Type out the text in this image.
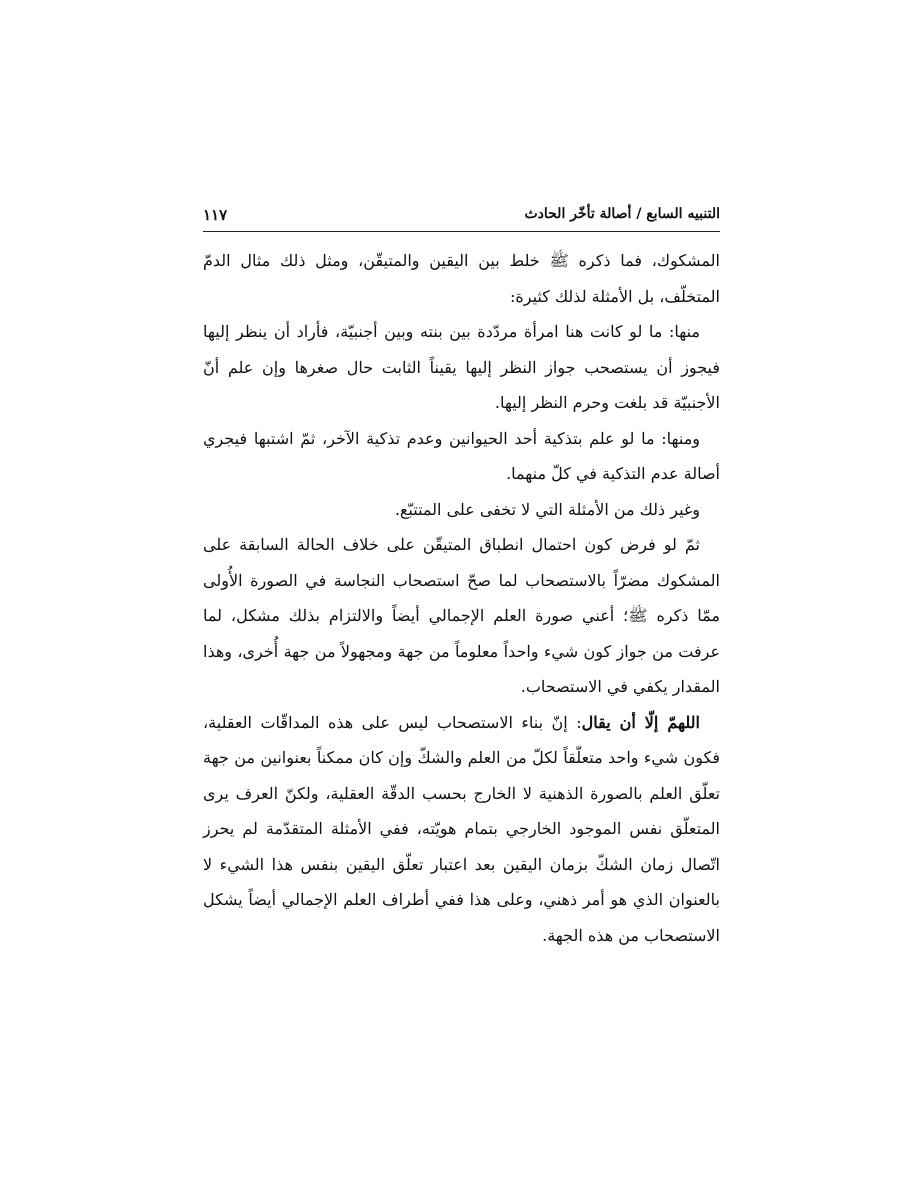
التنبيه السابع / أصالة تأخّر الحادث
١١٧

المشكوك، فما ذكره ﷺ خلط بين اليقين والمتيقّن، ومثل ذلك مثال الدمّ المتخلّف، بل الأمثلة لذلك كثيرة:

منها: ما لو كانت هنا امرأة مردّدة بين بنته وبين أجنبيّة، فأراد أن ينظر إليها فيجوز أن يستصحب جواز النظر إليها يقيناً الثابت حال صغرها وإن علم أنّ الأجنبيّة قد بلغت وحرم النظر إليها.

ومنها: ما لو علم بتذكية أحد الحيوانين وعدم تذكية الآخر، ثمّ اشتبها فيجري أصالة عدم التذكية في كلّ منهما.

وغير ذلك من الأمثلة التي لا تخفى على المتتبّع.

ثمّ لو فرض كون احتمال انطباق المتيقّن على خلاف الحالة السابقة على المشكوك مضرّاً بالاستصحاب لما صحّ استصحاب النجاسة في الصورة الأُولى ممّا ذكره ﷺ؛ أعني صورة العلم الإجمالي أيضاً والالتزام بذلك مشكل، لما عرفت من جواز كون شيء واحداً معلوماً من جهة ومجهولاً من جهة أُخرى، وهذا المقدار يكفي في الاستصحاب.

اللهمّ إلّا أن يقال: إنّ بناء الاستصحاب ليس على هذه المداقّات العقلية، فكون شيء واحد متعلّقاً لكلّ من العلم والشكّ وإن كان ممكناً بعنوانين من جهة تعلّق العلم بالصورة الذهنية لا الخارج بحسب الدقّة العقلية، ولكنّ العرف يرى المتعلّق نفس الموجود الخارجي بتمام هويّته، ففي الأمثلة المتقدّمة لم يحرز اتّصال زمان الشكّ بزمان اليقين بعد اعتبار تعلّق اليقين بنفس هذا الشيء لا بالعنوان الذي هو أمر ذهني، وعلى هذا ففي أطراف العلم الإجمالي أيضاً يشكل الاستصحاب من هذه الجهة.
